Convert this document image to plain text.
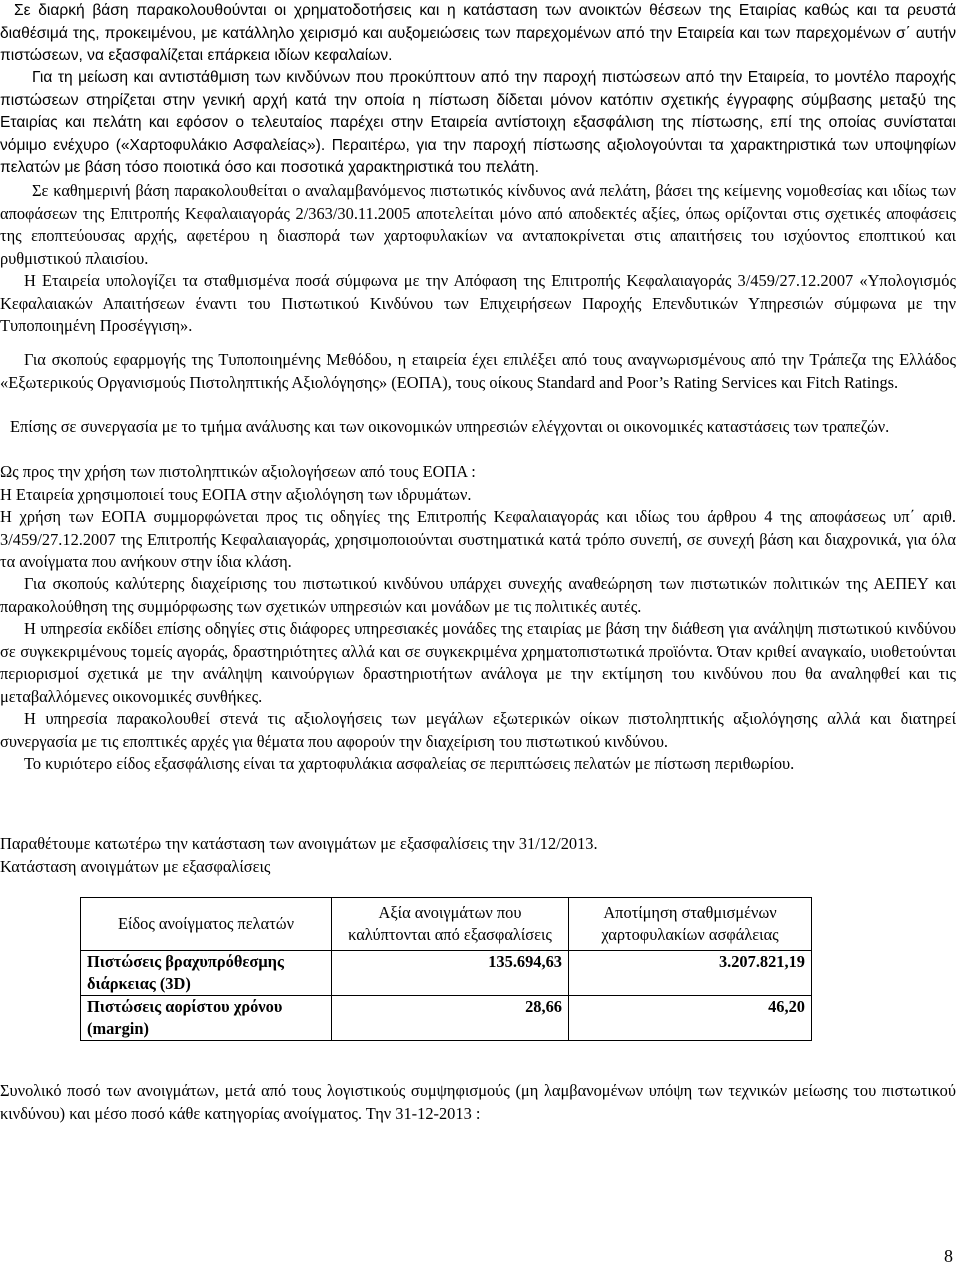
Σε διαρκή βάση παρακολουθούνται οι χρηματοδοτήσεις και η κατάσταση των ανοικτών θέσεων της Εταιρίας καθώς και τα ρευστά διαθέσιμά της, προκειμένου, με κατάλληλο χειρισμό και αυξομειώσεις των παρεχομένων από την Εταιρεία και των παρεχομένων σ΄ αυτήν πιστώσεων, να εξασφαλίζεται επάρκεια ιδίων κεφαλαίων.

Για τη μείωση και αντιστάθμιση των κινδύνων που προκύπτουν από την παροχή πιστώσεων από την Εταιρεία, το μοντέλο παροχής πιστώσεων στηρίζεται στην γενική αρχή κατά την οποία η πίστωση δίδεται μόνον κατόπιν σχετικής έγγραφης σύμβασης μεταξύ της Εταιρίας και πελάτη και εφόσον ο τελευταίος παρέχει στην Εταιρεία αντίστοιχη εξασφάλιση της πίστωσης, επί της οποίας συνίσταται νόμιμο ενέχυρο («Χαρτοφυλάκιο Ασφαλείας»). Περαιτέρω, για την παροχή πίστωσης αξιολογούνται τα χαρακτηριστικά των υποψηφίων πελατών με βάση τόσο ποιοτικά όσο και ποσοτικά χαρακτηριστικά του πελάτη.

Σε καθημερινή βάση παρακολουθείται ο αναλαμβανόμενος πιστωτικός κίνδυνος ανά πελάτη, βάσει της κείμενης νομοθεσίας και ιδίως των αποφάσεων της Επιτροπής Κεφαλαιαγοράς 2/363/30.11.2005 αποτελείται μόνο από αποδεκτές αξίες, όπως ορίζονται στις σχετικές αποφάσεις της εποπτεύουσας αρχής, αφετέρου η διασπορά των χαρτοφυλακίων να ανταποκρίνεται στις απαιτήσεις του ισχύοντος εποπτικού και ρυθμιστικού πλαισίου.

Η Εταιρεία υπολογίζει τα σταθμισμένα ποσά σύμφωνα με την Απόφαση της Επιτροπής Κεφαλαιαγοράς 3/459/27.12.2007 «Υπολογισμός Κεφαλαιακών Απαιτήσεων έναντι του Πιστωτικού Κινδύνου των Επιχειρήσεων Παροχής Επενδυτικών Υπηρεσιών σύμφωνα με την Τυποποιημένη Προσέγγιση».

Για σκοπούς εφαρμογής της Τυποποιημένης Μεθόδου, η εταιρεία έχει επιλέξει από τους αναγνωρισμένους από την Τράπεζα της Ελλάδος «Εξωτερικούς Οργανισμούς Πιστοληπτικής Αξιολόγησης» (ΕΟΠΑ), τους οίκους Standard and Poor’s Rating Services και Fitch Ratings.

Επίσης σε συνεργασία με το τμήμα ανάλυσης και των οικονομικών υπηρεσιών ελέγχονται οι οικονομικές καταστάσεις των τραπεζών.

Ως προς την χρήση των πιστοληπτικών αξιολογήσεων από τους ΕΟΠΑ :

Η Εταιρεία χρησιμοποιεί τους ΕΟΠΑ στην αξιολόγηση των ιδρυμάτων.

Η χρήση των ΕΟΠΑ συμμορφώνεται προς τις οδηγίες της Επιτροπής Κεφαλαιαγοράς και ιδίως του άρθρου 4 της αποφάσεως υπ΄ αριθ. 3/459/27.12.2007 της Επιτροπής Κεφαλαιαγοράς, χρησιμοποιούνται συστηματικά κατά τρόπο συνεπή, σε συνεχή βάση και διαχρονικά, για όλα τα ανοίγματα που ανήκουν στην ίδια κλάση.

Για σκοπούς καλύτερης διαχείρισης του πιστωτικού κινδύνου υπάρχει συνεχής αναθεώρηση των πιστωτικών πολιτικών της ΑΕΠΕΥ και παρακολούθηση της συμμόρφωσης των σχετικών υπηρεσιών και μονάδων με τις πολιτικές αυτές.

Η υπηρεσία εκδίδει επίσης οδηγίες στις διάφορες υπηρεσιακές μονάδες της εταιρίας με βάση την διάθεση για ανάληψη πιστωτικού κινδύνου σε συγκεκριμένους τομείς αγοράς, δραστηριότητες αλλά και σε συγκεκριμένα χρηματοπιστωτικά προϊόντα. Όταν κριθεί αναγκαίο, υιοθετούνται περιορισμοί σχετικά με την ανάληψη καινούργιων δραστηριοτήτων ανάλογα με την εκτίμηση του κινδύνου που θα αναληφθεί και τις μεταβαλλόμενες οικονομικές συνθήκες.

Η υπηρεσία παρακολουθεί στενά τις αξιολογήσεις των μεγάλων εξωτερικών οίκων πιστοληπτικής αξιολόγησης αλλά και διατηρεί συνεργασία με τις εποπτικές αρχές για θέματα που αφορούν την διαχείριση του πιστωτικού κινδύνου.

Το κυριότερο είδος εξασφάλισης είναι τα χαρτοφυλάκια ασφαλείας σε περιπτώσεις πελατών με πίστωση περιθωρίου.

Παραθέτουμε κατωτέρω την κατάσταση των ανοιγμάτων με εξασφαλίσεις την 31/12/2013.

Κατάσταση ανοιγμάτων με εξασφαλίσεις

Είδος ανοίγματος πελατών	Αξία ανοιγμάτων που καλύπτονται από εξασφαλίσεις	Αποτίμηση σταθμισμένων χαρτοφυλακίων ασφάλειας
Πιστώσεις βραχυπρόθεσμης διάρκειας (3D)	135.694,63	3.207.821,19
Πιστώσεις αορίστου χρόνου (margin)	28,66	46,20

Συνολικό ποσό των ανοιγμάτων, μετά από τους λογιστικούς συμψηφισμούς (μη λαμβανομένων υπόψη των τεχνικών μείωσης του πιστωτικού κινδύνου) και μέσο ποσό κάθε κατηγορίας ανοίγματος. Την 31-12-2013 :

8
